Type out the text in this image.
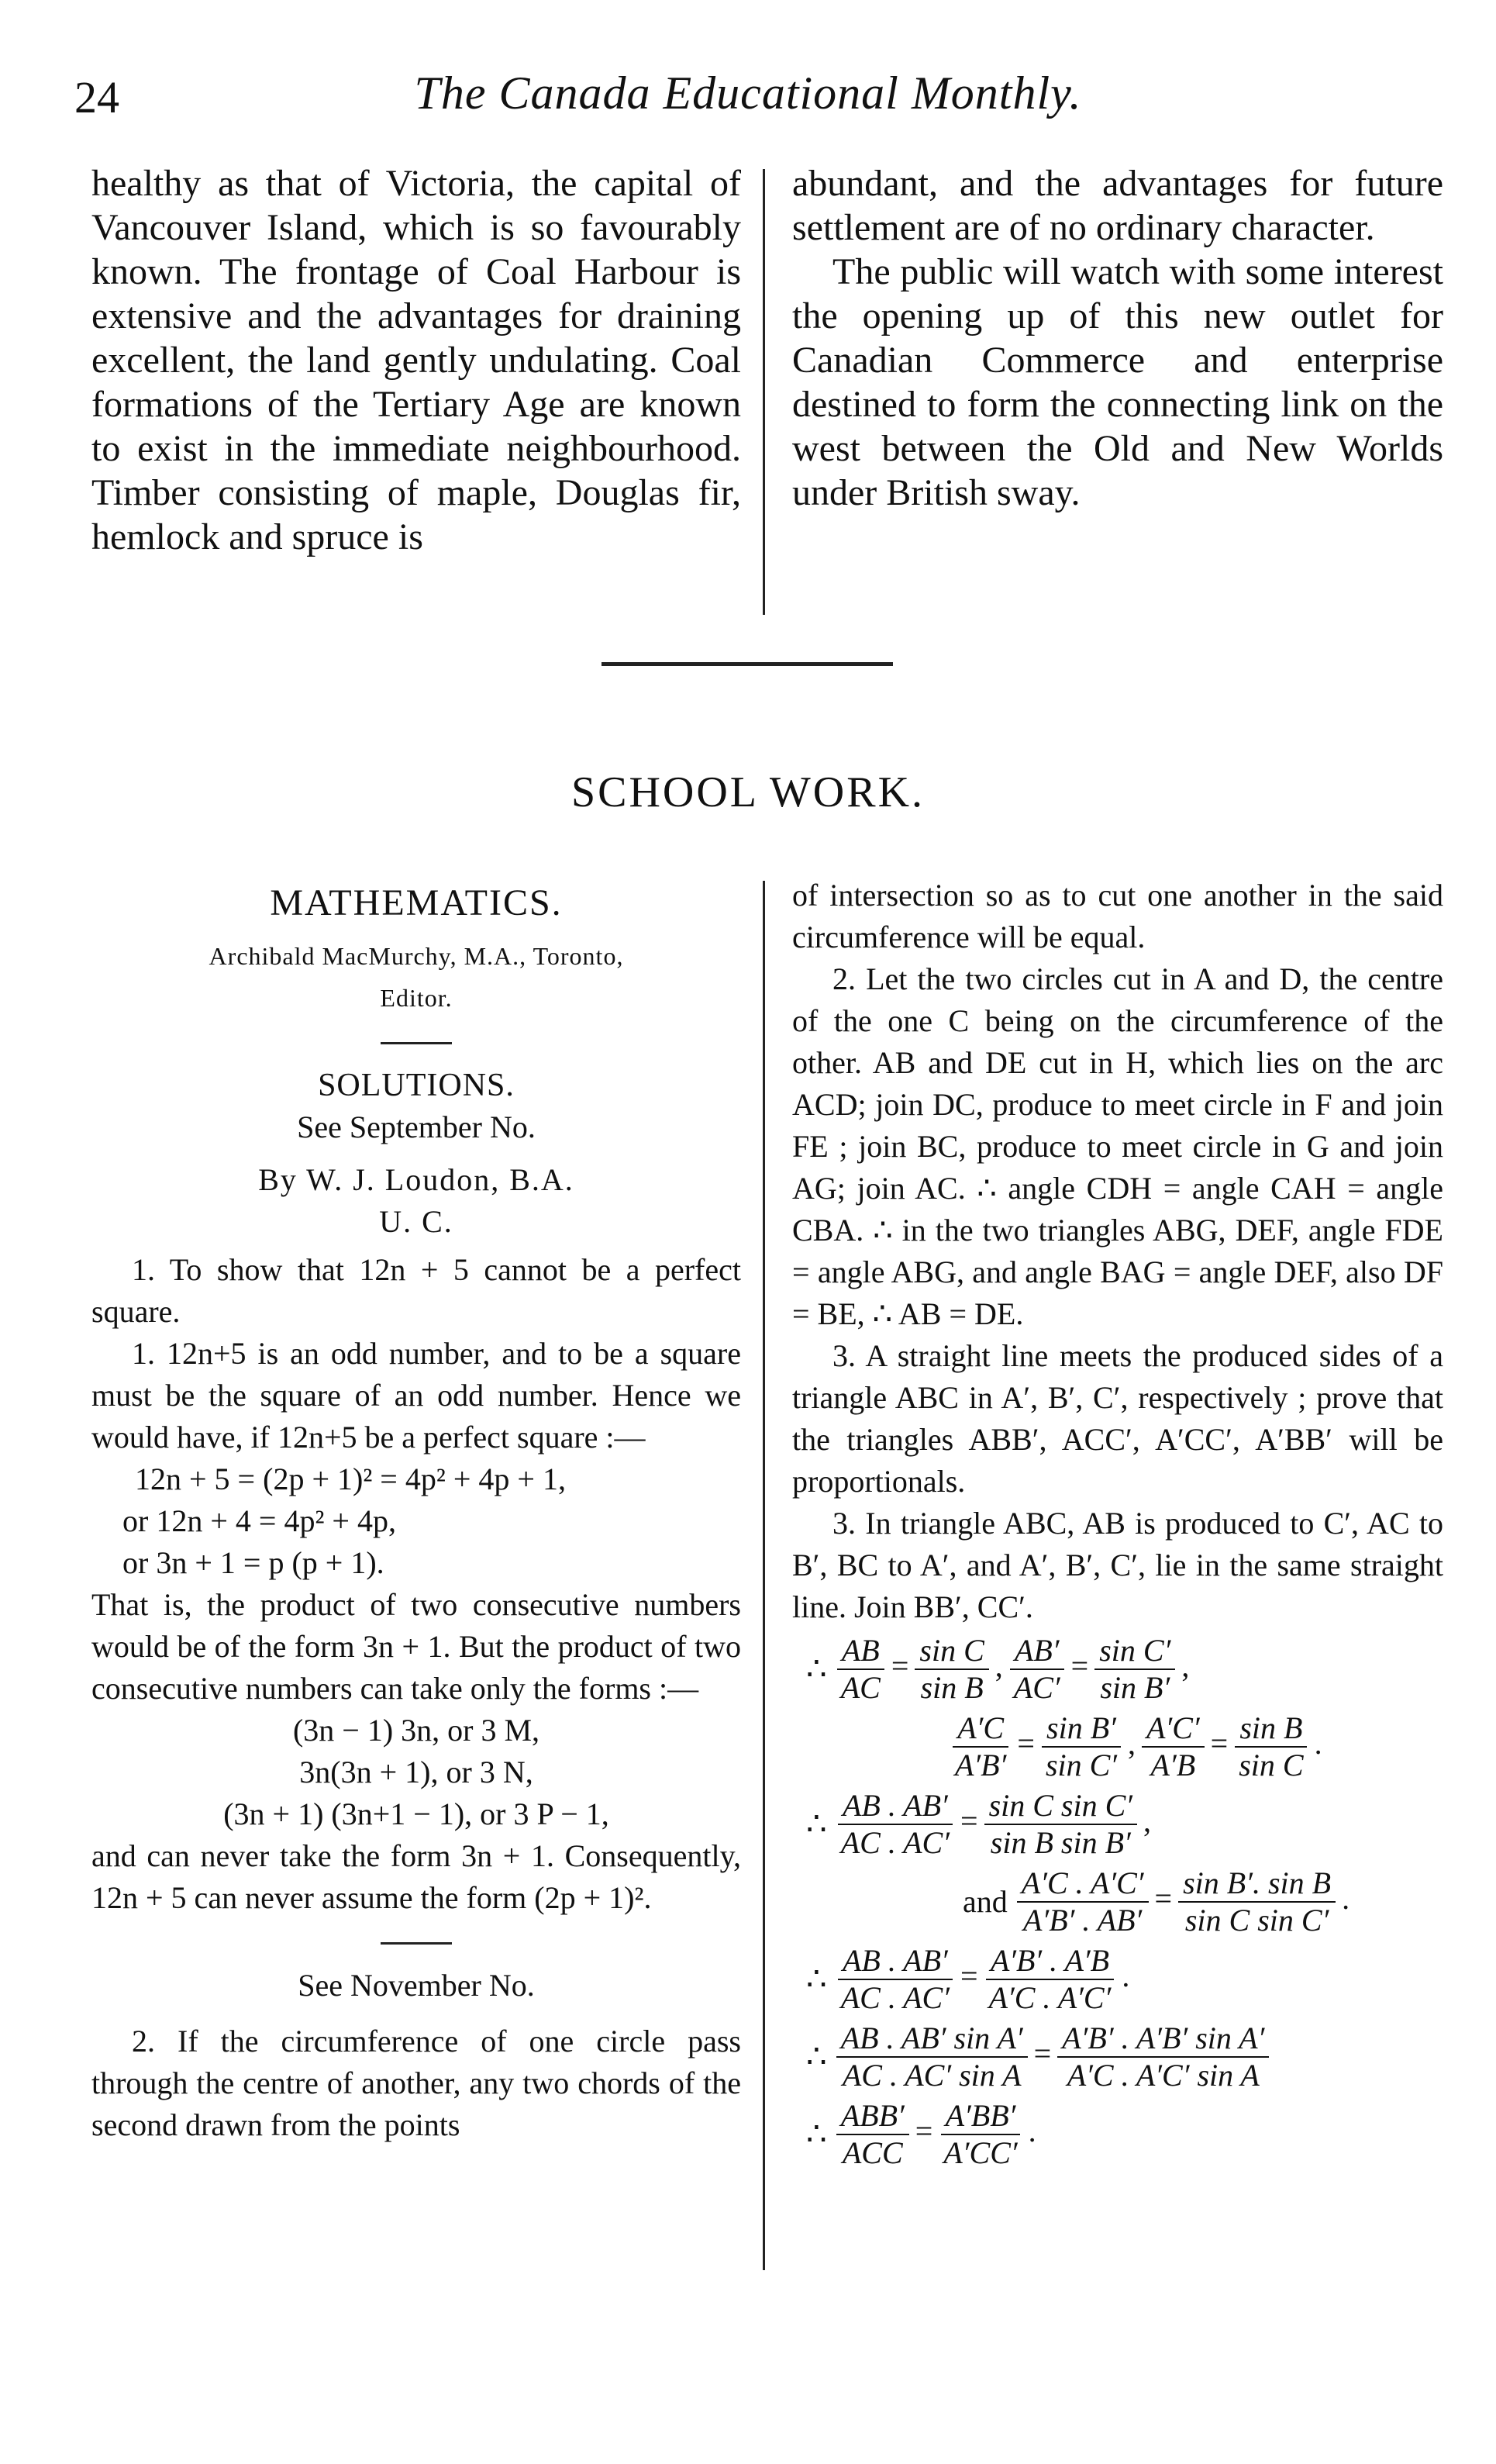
24	The Canada Educational Monthly.

healthy as that of Victoria, the capital of Vancouver Island, which is so favourably known. The frontage of Coal Harbour is extensive and the advantages for draining excellent, the land gently undulating. Coal formations of the Tertiary Age are known to exist in the immediate neighbourhood. Timber consisting of maple, Douglas fir, hemlock and spruce is

abundant, and the advantages for future settlement are of no ordinary character.

The public will watch with some interest the opening up of this new outlet for Canadian Commerce and enterprise destined to form the connecting link on the west between the Old and New Worlds under British sway.

SCHOOL WORK.

MATHEMATICS.

Archibald MacMurchy, M.A., Toronto,

Editor.

SOLUTIONS.

See September No.

By W. J. Loudon, B.A.

U. C.

1. To show that 12n + 5 cannot be a perfect square.

1. 12n+5 is an odd number, and to be a square must be the square of an odd number. Hence we would have, if 12n+5 be a perfect square :—

12n + 5 = (2p + 1)² = 4p² + 4p + 1,

or 12n + 4 = 4p² + 4p,

or 3n + 1 = p (p + 1).

That is, the product of two consecutive numbers would be of the form 3n + 1. But the product of two consecutive numbers can take only the forms :—

(3n − 1) 3n, or 3 M,

3n(3n + 1), or 3 N,

(3n + 1) (3n+1 − 1), or 3 P − 1,

and can never take the form 3n + 1. Consequently, 12n + 5 can never assume the form (2p + 1)².

See November No.

2. If the circumference of one circle pass through the centre of another, any two chords of the second drawn from the points

of intersection so as to cut one another in the said circumference will be equal.

2. Let the two circles cut in A and D, the centre of the one C being on the circumference of the other. AB and DE cut in H, which lies on the arc ACD; join DC, produce to meet circle in F and join FE ; join BC, produce to meet circle in G and join AG; join AC. ∴ angle CDH = angle CAH = angle CBA. ∴ in the two triangles ABG, DEF, angle FDE = angle ABG, and angle BAG = angle DEF, also DF = BE, ∴ AB = DE.

3. A straight line meets the produced sides of a triangle ABC in A′, B′, C′, respectively ; prove that the triangles ABB′, ACC′, A′CC′, A′BB′ will be proportionals.

3. In triangle ABC, AB is produced to C′, AC to B′, BC to A′, and A′, B′, C′, lie in the same straight line. Join BB′, CC′.

∴ $\frac{AB}{AC} = \frac{\text{sin C}}{\text{sin B}}$ , $\frac{AB'}{AC'} = \frac{\text{sin C′}}{\text{sin B′}}$ ,
$\frac{A'C}{A'B'} = \frac{\text{sin B′}}{\text{sin C′}}$ , $\frac{A'C'}{A'B} = \frac{\text{sin B}}{\text{sin C}}$ .
∴ $\frac{AB . AB'}{AC . AC'} = \frac{\text{sin C sin C′}}{\text{sin B sin B′}}$ ,
and $\frac{A'C . A'C'}{A'B' . AB'} = \frac{\text{sin B′. sin B}}{\text{sin C sin C′}}$ .
∴ $\frac{AB . AB'}{AC . AC'} = \frac{A'B' . A'B}{A'C . A'C'}$ .
∴ $\frac{\text{AB . AB′ sin A′}}{\text{AC . AC′ sin A}} = \frac{\text{A′B′ . A′B′ sin A′}}{\text{A′C . A′C′ sin A}}$
∴ $\frac{\text{ABB′}}{\text{ACC}} = \frac{A'BB'}{A'CC'}$ .
